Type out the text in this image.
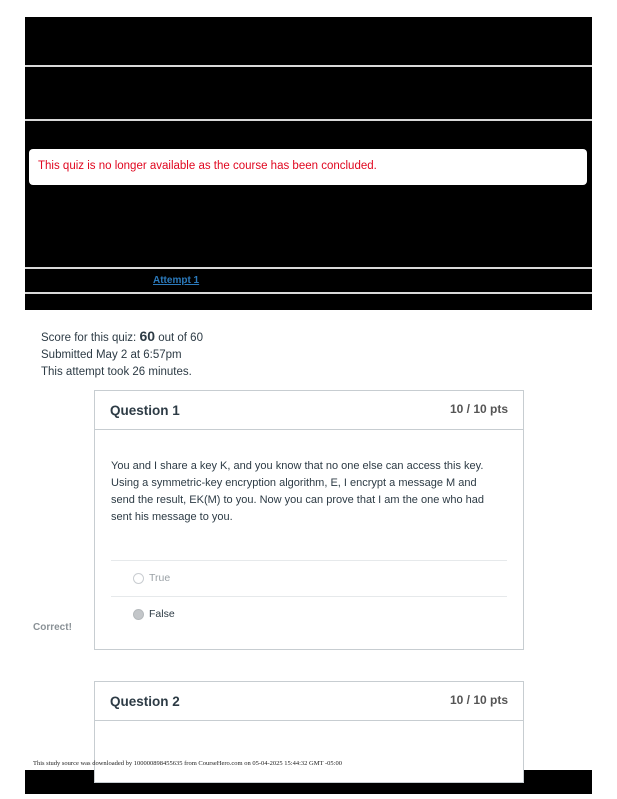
This quiz is no longer available as the course has been concluded.
Attempt 1
Score for this quiz: 60 out of 60
Submitted May 2 at 6:57pm
This attempt took 26 minutes.
Question 1	10 / 10 pts
You and I share a key K, and you know that no one else can access this key. Using a symmetric-key encryption algorithm, E, I encrypt a message M and send the result, EK(M) to you. Now you can prove that I am the one who had sent his message to you.
True
False
Correct!
Question 2	10 / 10 pts
This study source was downloaded by 100000898455635 from CourseHero.com on 05-04-2025 15:44:32 GMT -05:00
